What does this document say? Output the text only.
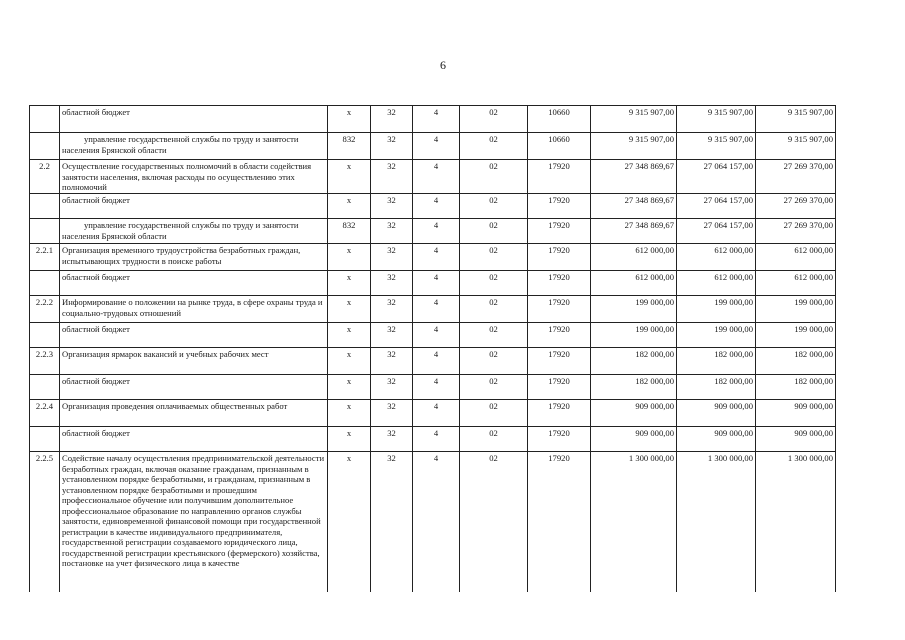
6
	областной бюджет	x	32	4	02	10660	9 315 907,00	9 315 907,00	9 315 907,00
	управление государственной службы по труду и занятости населения Брянской области	832	32	4	02	10660	9 315 907,00	9 315 907,00	9 315 907,00
2.2	Осуществление государственных полномочий в области содействия занятости населения, включая расходы по осуществлению этих полномочий	x	32	4	02	17920	27 348 869,67	27 064 157,00	27 269 370,00
	областной бюджет	x	32	4	02	17920	27 348 869,67	27 064 157,00	27 269 370,00
	управление государственной службы по труду и занятости населения Брянской области	832	32	4	02	17920	27 348 869,67	27 064 157,00	27 269 370,00
2.2.1	Организация временного трудоустройства безработных граждан, испытывающих трудности в поиске работы	x	32	4	02	17920	612 000,00	612 000,00	612 000,00
	областной бюджет	x	32	4	02	17920	612 000,00	612 000,00	612 000,00
2.2.2	Информирование о положении на рынке труда, в сфере охраны труда и социально-трудовых отношений	x	32	4	02	17920	199 000,00	199 000,00	199 000,00
	областной бюджет	x	32	4	02	17920	199 000,00	199 000,00	199 000,00
2.2.3	Организация ярмарок вакансий и учебных рабочих мест	x	32	4	02	17920	182 000,00	182 000,00	182 000,00
	областной бюджет	x	32	4	02	17920	182 000,00	182 000,00	182 000,00
2.2.4	Организация проведения оплачиваемых общественных работ	x	32	4	02	17920	909 000,00	909 000,00	909 000,00
	областной бюджет	x	32	4	02	17920	909 000,00	909 000,00	909 000,00
2.2.5	Содействие началу осуществления предпринимательской деятельности безработных граждан, включая оказание гражданам, признанным в установленном порядке безработными, и гражданам, признанным в установленном порядке безработными и прошедшим профессиональное обучение или получившим дополнительное профессиональное образование по направлению органов службы занятости, единовременной финансовой помощи при государственной регистрации в качестве индивидуального предпринимателя, государственной регистрации создаваемого юридического лица, государственной регистрации крестьянского (фермерского) хозяйства, постановке на учет физического лица в качестве	x	32	4	02	17920	1 300 000,00	1 300 000,00	1 300 000,00
